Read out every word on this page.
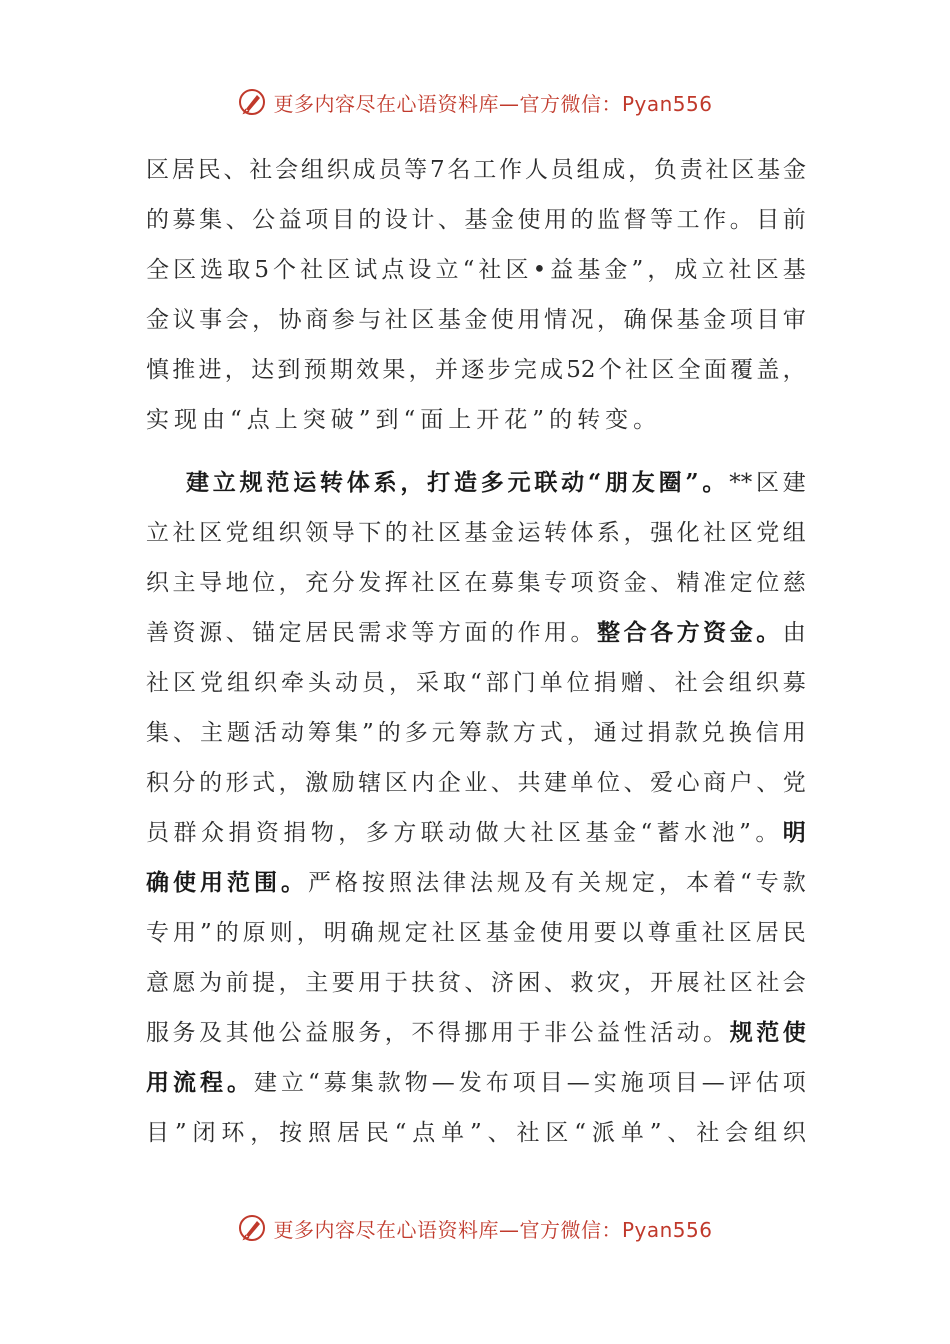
更多内容尽在心语资料库 —官方微信：Pyan556
区 居 民 、 社 会 组 织 成 员 等 7 名 工 作 人 员 组 成 ， 负 责 社 区 基 金
的 募 集 、 公 益 项 目 的 设 计 、 基 金 使 用 的 监 督 等 工 作 。 目 前
全 区 选 取 5 个 社 区 试 点 设 立 “ 社 区 • 益 基 金 ” ， 成 立 社 区 基
金 议 事 会 ， 协 商 参 与 社 区 基 金 使 用 情 况 ， 确 保 基 金 项 目 审
慎 推 进 ， 达 到 预 期 效 果 ， 并 逐 步 完 成 52 个 社 区 全 面 覆 盖 ，
实 现 由 “ 点 上 突 破 ” 到 “ 面 上 开 花 ” 的 转 变 。
建 立 规 范 运 转 体 系 ， 打 造 多 元 联 动 “ 朋 友 圈 ” 。 ** 区 建
立 社 区 党 组 织 领 导 下 的 社 区 基 金 运 转 体 系 ， 强 化 社 区 党 组
织 主 导 地 位 ， 充 分 发 挥 社 区 在 募 集 专 项 资 金 、 精 准 定 位 慈
善 资 源 、 锚 定 居 民 需 求 等 方 面 的 作 用 。 整 合 各 方 资 金 。 由
社 区 党 组 织 牵 头 动 员 ， 采 取 “ 部 门 单 位 捐 赠 、 社 会 组 织 募
集 、 主 题 活 动 筹 集 ” 的 多 元 筹 款 方 式 ， 通 过 捐 款 兑 换 信 用
积 分 的 形 式 ， 激 励 辖 区 内 企 业 、 共 建 单 位 、 爱 心 商 户 、 党
员 群 众 捐 资 捐 物 ， 多 方 联 动 做 大 社 区 基 金 “ 蓄 水 池 ” 。 明
确 使 用 范 围 。 严 格 按 照 法 律 法 规 及 有 关 规 定 ， 本 着 “ 专 款
专 用 ” 的 原 则 ， 明 确 规 定 社 区 基 金 使 用 要 以 尊 重 社 区 居 民
意 愿 为 前 提 ， 主 要 用 于 扶 贫 、 济 困 、 救 灾 ， 开 展 社 区 社 会
服 务 及 其 他 公 益 服 务 ， 不 得 挪 用 于 非 公 益 性 活 动 。 规 范 使
用 流 程 。 建 立 “ 募 集 款 物 — 发 布 项 目 — 实 施 项 目 — 评 估 项
目 ” 闭 环 ， 按 照 居 民 “ 点 单 ” 、 社 区 “ 派 单 ” 、 社 会 组 织
更多内容尽在心语资料库 —官方微信：Pyan556
